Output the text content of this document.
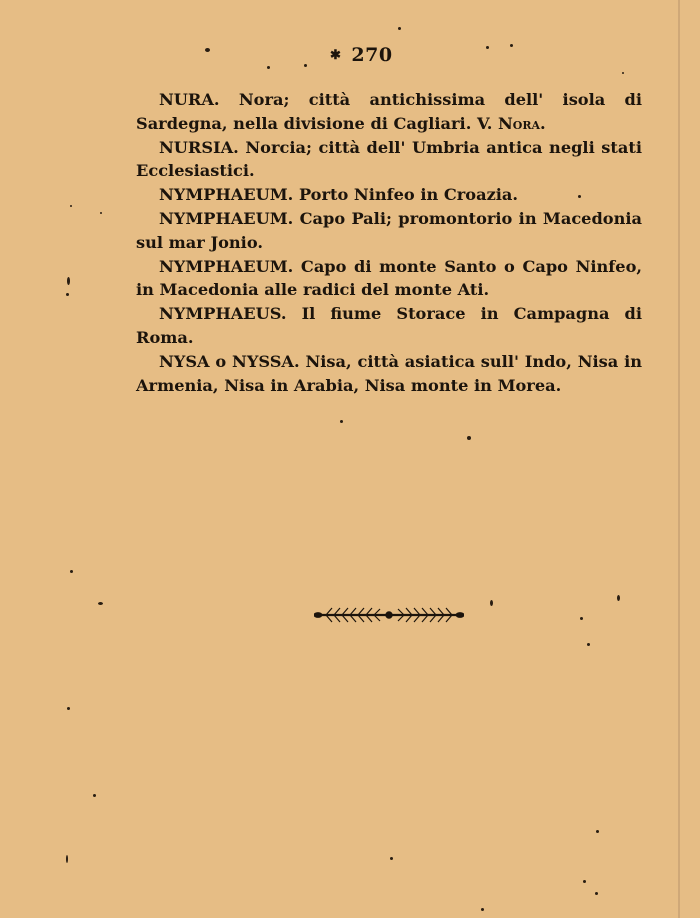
✱ 270

NURA. Nora; città antichissima dell' isola di Sardegna, nella divisione di Cagliari. V. Nora.

NURSIA. Norcia; città dell' Umbria antica negli stati Ecclesiastici.

NYMPHAEUM. Porto Ninfeo in Croazia.

NYMPHAEUM. Capo Pali; promontorio in Macedonia sul mar Jonio.

NYMPHAEUM. Capo di monte Santo o Capo Ninfeo, in Macedonia alle radici del monte Ati.

NYMPHAEUS. Il fiume Storace in Campagna di Roma.

NYSA o NYSSA. Nisa, città asiatica sull' Indo, Nisa in Armenia, Nisa in Arabia, Nisa monte in Morea.
